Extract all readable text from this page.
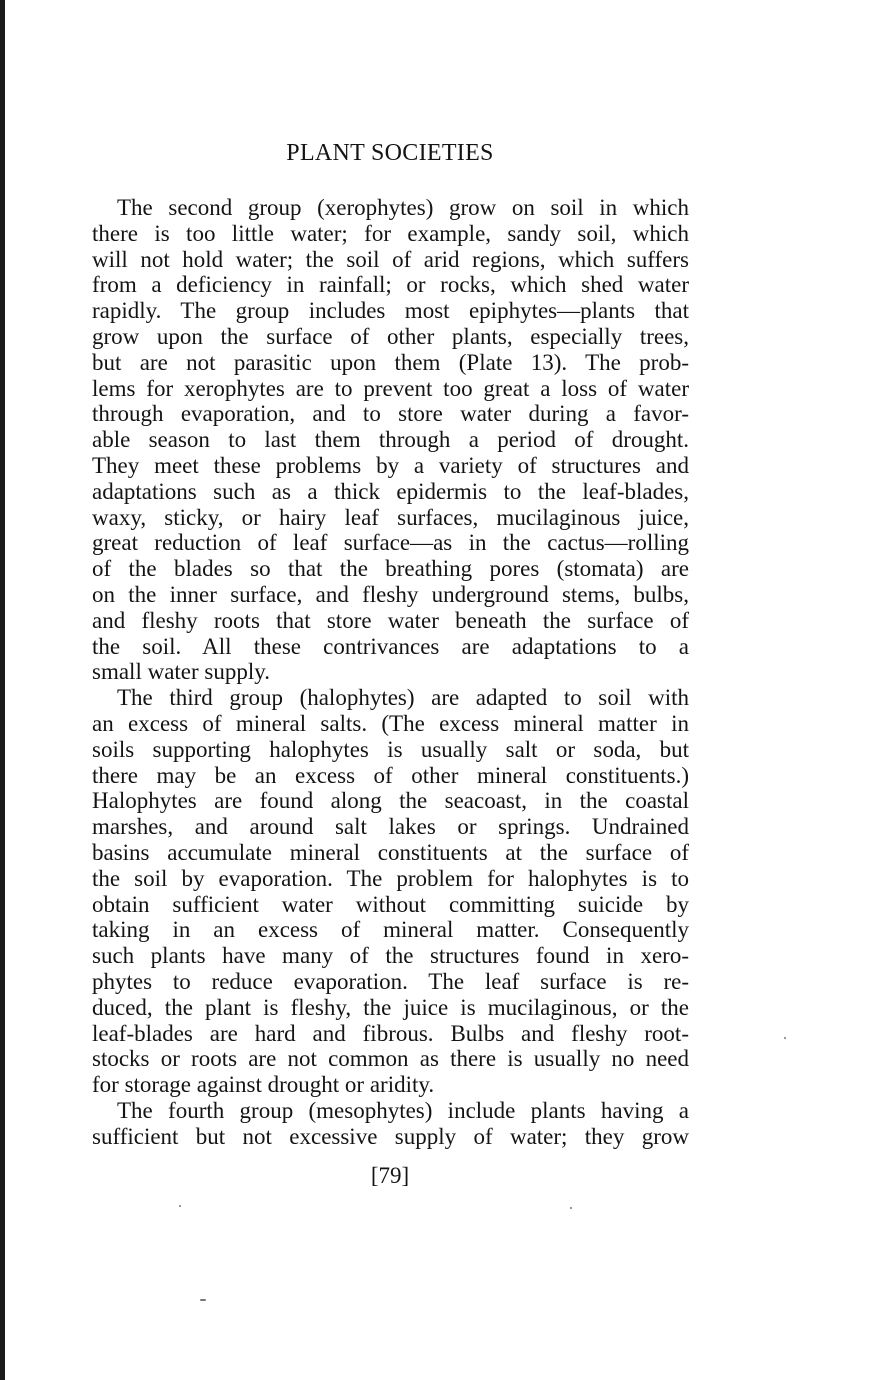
PLANT SOCIETIES
The second group (xerophytes) grow on soil in which
there is too little water; for example, sandy soil, which
will not hold water; the soil of arid regions, which suffers
from a deficiency in rainfall; or rocks, which shed water
rapidly. The group includes most epiphytes—plants that
grow upon the surface of other plants, especially trees,
but are not parasitic upon them (Plate 13). The prob-
lems for xerophytes are to prevent too great a loss of water
through evaporation, and to store water during a favor-
able season to last them through a period of drought.
They meet these problems by a variety of structures and
adaptations such as a thick epidermis to the leaf-blades,
waxy, sticky, or hairy leaf surfaces, mucilaginous juice,
great reduction of leaf surface—as in the cactus—rolling
of the blades so that the breathing pores (stomata) are
on the inner surface, and fleshy underground stems, bulbs,
and fleshy roots that store water beneath the surface of
the soil. All these contrivances are adaptations to a
small water supply.
The third group (halophytes) are adapted to soil with
an excess of mineral salts. (The excess mineral matter in
soils supporting halophytes is usually salt or soda, but
there may be an excess of other mineral constituents.)
Halophytes are found along the seacoast, in the coastal
marshes, and around salt lakes or springs. Undrained
basins accumulate mineral constituents at the surface of
the soil by evaporation. The problem for halophytes is to
obtain sufficient water without committing suicide by
taking in an excess of mineral matter. Consequently
such plants have many of the structures found in xero-
phytes to reduce evaporation. The leaf surface is re-
duced, the plant is fleshy, the juice is mucilaginous, or the
leaf-blades are hard and fibrous. Bulbs and fleshy root-
stocks or roots are not common as there is usually no need
for storage against drought or aridity.
The fourth group (mesophytes) include plants having a
sufficient but not excessive supply of water; they grow
[79]
